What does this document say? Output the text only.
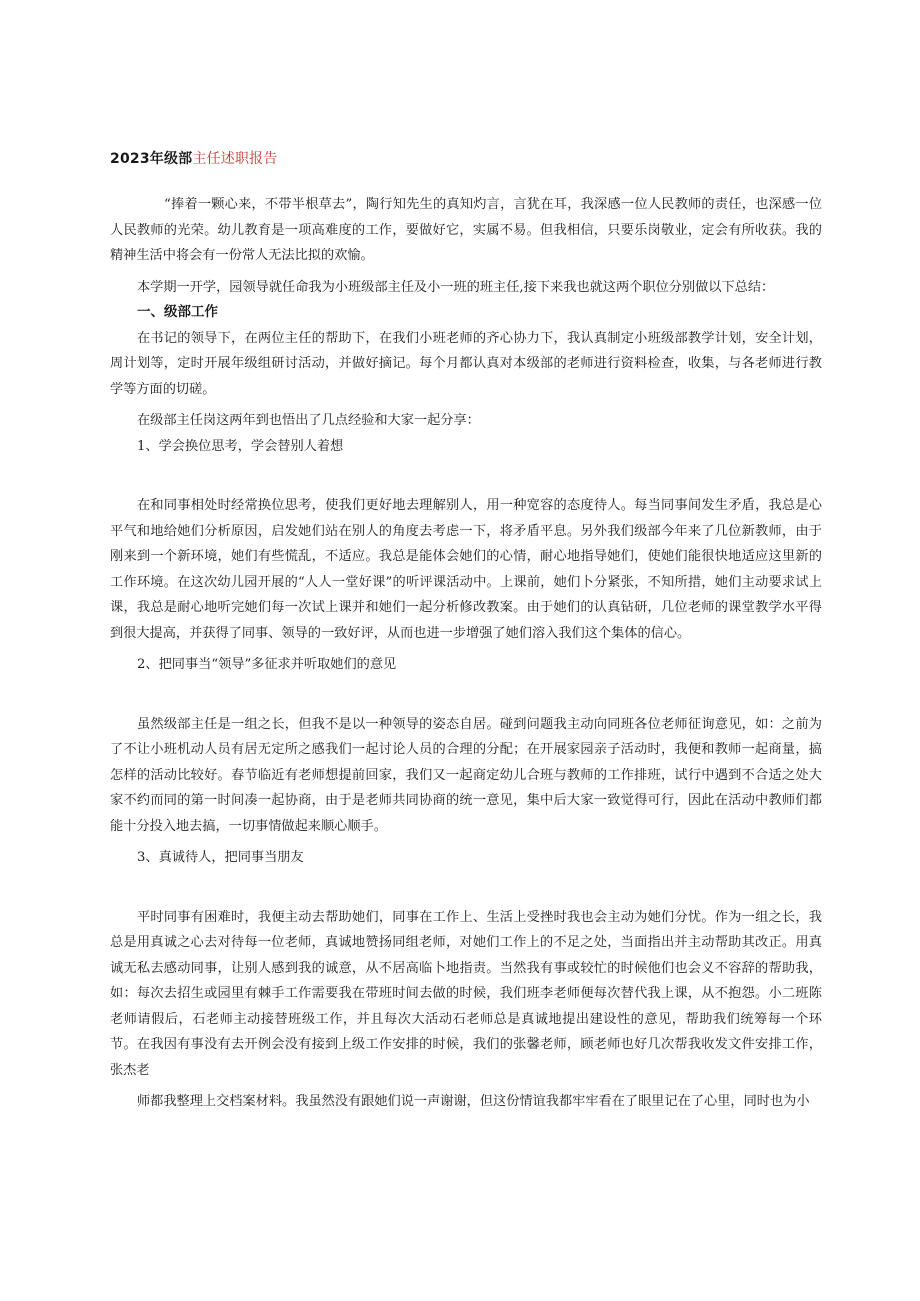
2023年级部主任述职报告

“捧着一颗心来，不带半根草去”，陶行知先生的真知灼言，言犹在耳，我深感一位人民教师的责任，也深感一位人民教师的光荣。幼儿教育是一项高难度的工作，要做好它，实属不易。但我相信，只要乐岗敬业，定会有所收获。我的精神生活中将会有一份常人无法比拟的欢愉。

本学期一开学，园领导就任命我为小班级部主任及小一班的班主任,接下来我也就这两个职位分别做以下总结：

一、级部工作

在书记的领导下，在两位主任的帮助下，在我们小班老师的齐心协力下，我认真制定小班级部教学计划，安全计划，周计划等，定时开展年级组研讨活动，并做好摘记。每个月都认真对本级部的老师进行资料检查，收集，与各老师进行教学等方面的切磋。

在级部主任岗这两年到也悟出了几点经验和大家一起分享：

1、学会换位思考，学会替别人着想

在和同事相处时经常换位思考，使我们更好地去理解别人，用一种宽容的态度待人。每当同事间发生矛盾，我总是心平气和地给她们分析原因，启发她们站在别人的角度去考虑一下，将矛盾平息。另外我们级部今年来了几位新教师，由于刚来到一个新环境，她们有些慌乱，不适应。我总是能体会她们的心情，耐心地指导她们，使她们能很快地适应这里新的工作环境。在这次幼儿园开展的“人人一堂好课”的听评课活动中。上课前，她们卜分紧张，不知所措，她们主动要求试上课，我总是耐心地听完她们每一次试上课并和她们一起分析修改教案。由于她们的认真钻研，几位老师的课堂教学水平得到很大提高，并获得了同事、领导的一致好评，从而也进一步增强了她们溶入我们这个集体的信心。

2、把同事当“领导”多征求并听取她们的意见

虽然级部主任是一组之长，但我不是以一种领导的姿态自居。碰到问题我主动向同班各位老师征询意见，如：之前为了不让小班机动人员有居无定所之感我们一起讨论人员的合理的分配；在开展家园亲子活动时，我便和教师一起商量，搞怎样的活动比较好。春节临近有老师想提前回家，我们又一起商定幼儿合班与教师的工作排班，试行中遇到不合适之处大家不约而同的第一时间凑一起协商，由于是老师共同协商的统一意见，集中后大家一致觉得可行，因此在活动中教师们都能十分投入地去搞，一切事情做起来顺心顺手。

3、真诚待人，把同事当朋友

平时同事有困难时，我便主动去帮助她们，同事在工作上、生活上受挫时我也会主动为她们分忧。作为一组之长，我总是用真诚之心去对待每一位老师，真诚地赞扬同组老师，对她们工作上的不足之处，当面指出并主动帮助其改正。用真诚无私去感动同事，让别人感到我的诚意，从不居高临卜地指责。当然我有事或较忙的时候他们也会义不容辞的帮助我，如：每次去招生或园里有棘手工作需要我在带班时间去做的时候，我们班李老师便每次替代我上课，从不抱怨。小二班陈老师请假后，石老师主动接替班级工作，并且每次大活动石老师总是真诚地提出建设性的意见，帮助我们统筹每一个环节。在我因有事没有去开例会没有接到上级工作安排的时候，我们的张馨老师，顾老师也好几次帮我收发文件安排工作，张杰老

师都我整理上交档案材料。我虽然没有跟她们说一声谢谢，但这份情谊我都牢牢看在了眼里记在了心里，同时也为小
